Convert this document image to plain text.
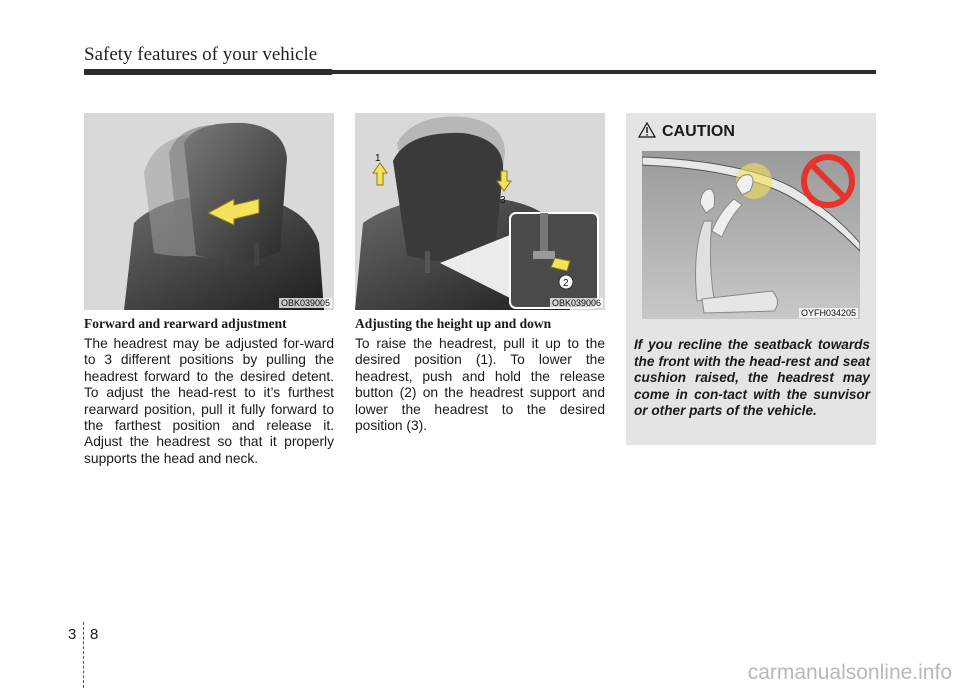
Safety features of your vehicle
OBK039005
1
3
2
OBK039006

Forward and rearward adjustment

The headrest may be adjusted for-ward to 3 different positions by pulling the headrest forward to the desired detent. To adjust the head-rest to it’s furthest rearward position, pull it fully forward to the farthest position and release it. Adjust the headrest so that it properly supports the head and neck.

Adjusting the height up and down

To raise the headrest, pull it up to the desired position (1). To lower the headrest, push and hold the release button (2) on the headrest support and lower the headrest to the desired position (3).

CAUTION
OYFH034205

If you recline the seatback towards the front with the head-rest and seat cushion raised, the headrest may come in con-tact with the sunvisor or other parts of the vehicle.

3 8
carmanualsonline.info
